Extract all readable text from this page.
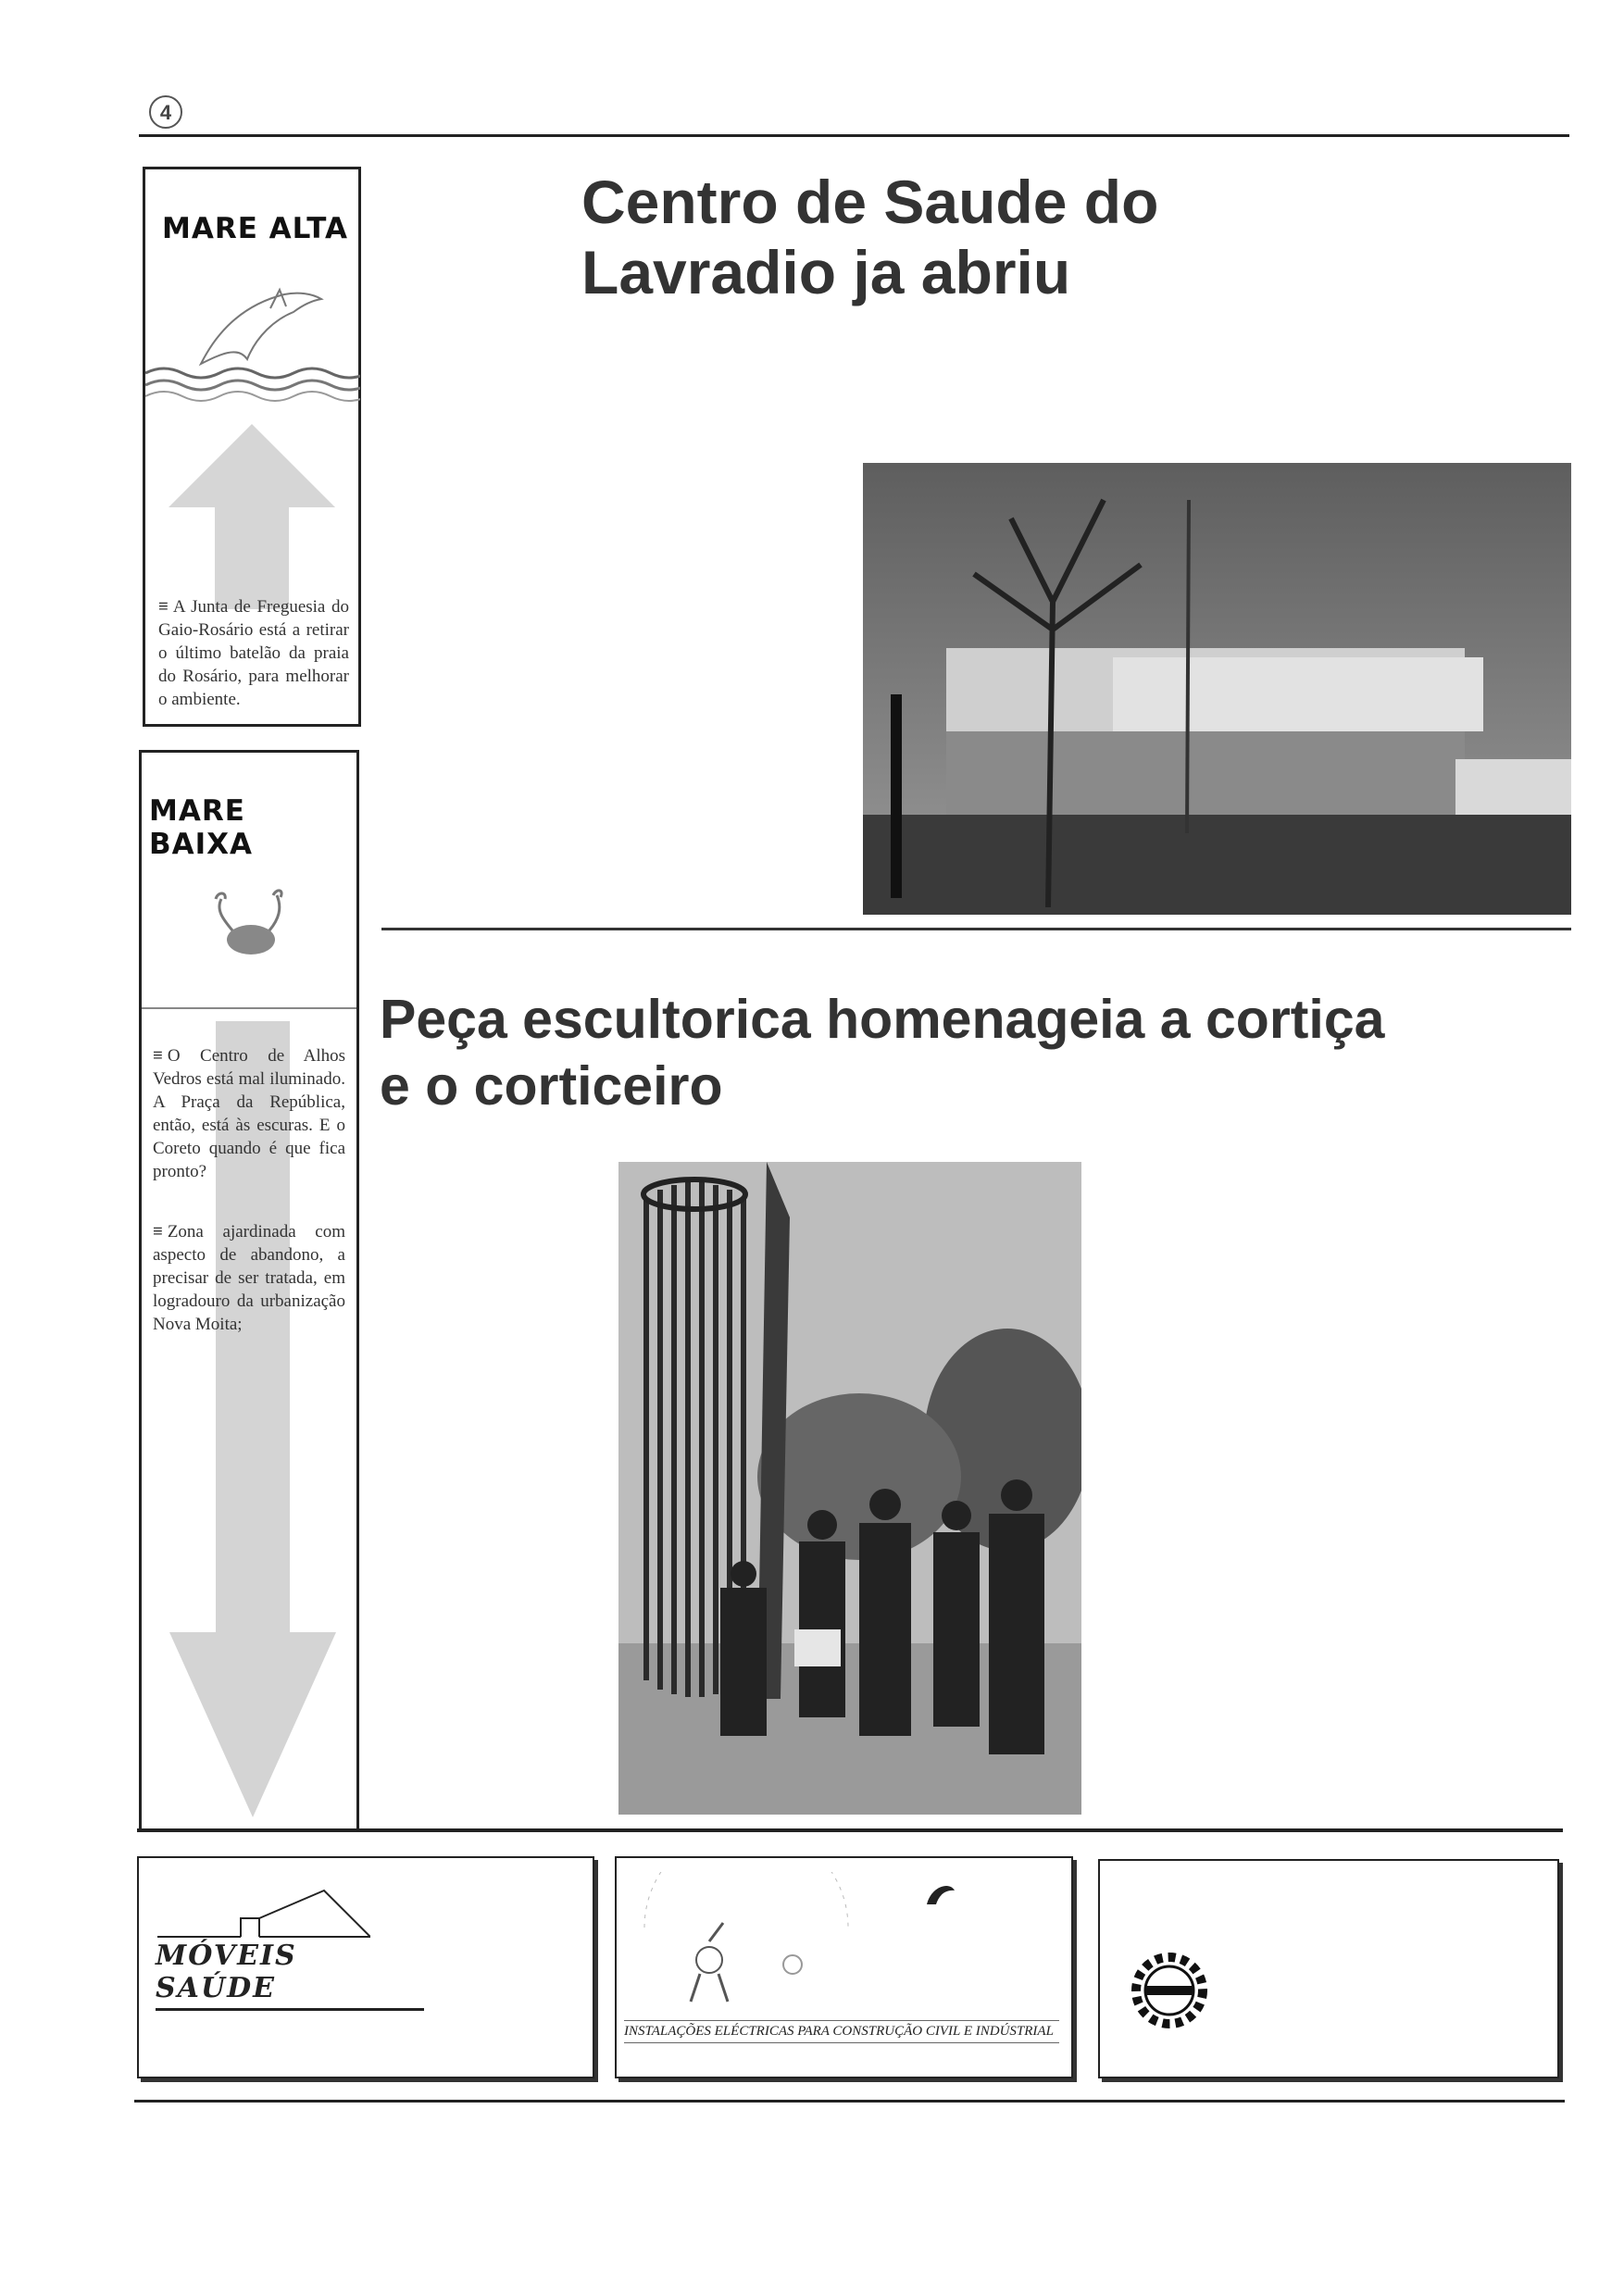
4
MARE ALTA
≡ A Junta de Freguesia do Gaio-Rosário está a retirar o último batelão da praia do Rosário, para melhorar o ambiente.
MARE BAIXA
≡ O Centro de Alhos Vedros está mal iluminado. A Praça da República, então, está às escuras. E o Coreto quando é que fica pronto?
≡ Zona ajardinada com aspecto de abandono, a precisar de ser tratada, em logradouro da urbanização Nova Moita;
Centro de Saude do Lavradio ja abriu
Peça escultorica homenageia a cortiça e o corticeiro
MÓVEIS SAÚDE
INSTALAÇÕES ELÉCTRICAS PARA CONSTRUÇÃO CIVIL E INDÚSTRIAL
